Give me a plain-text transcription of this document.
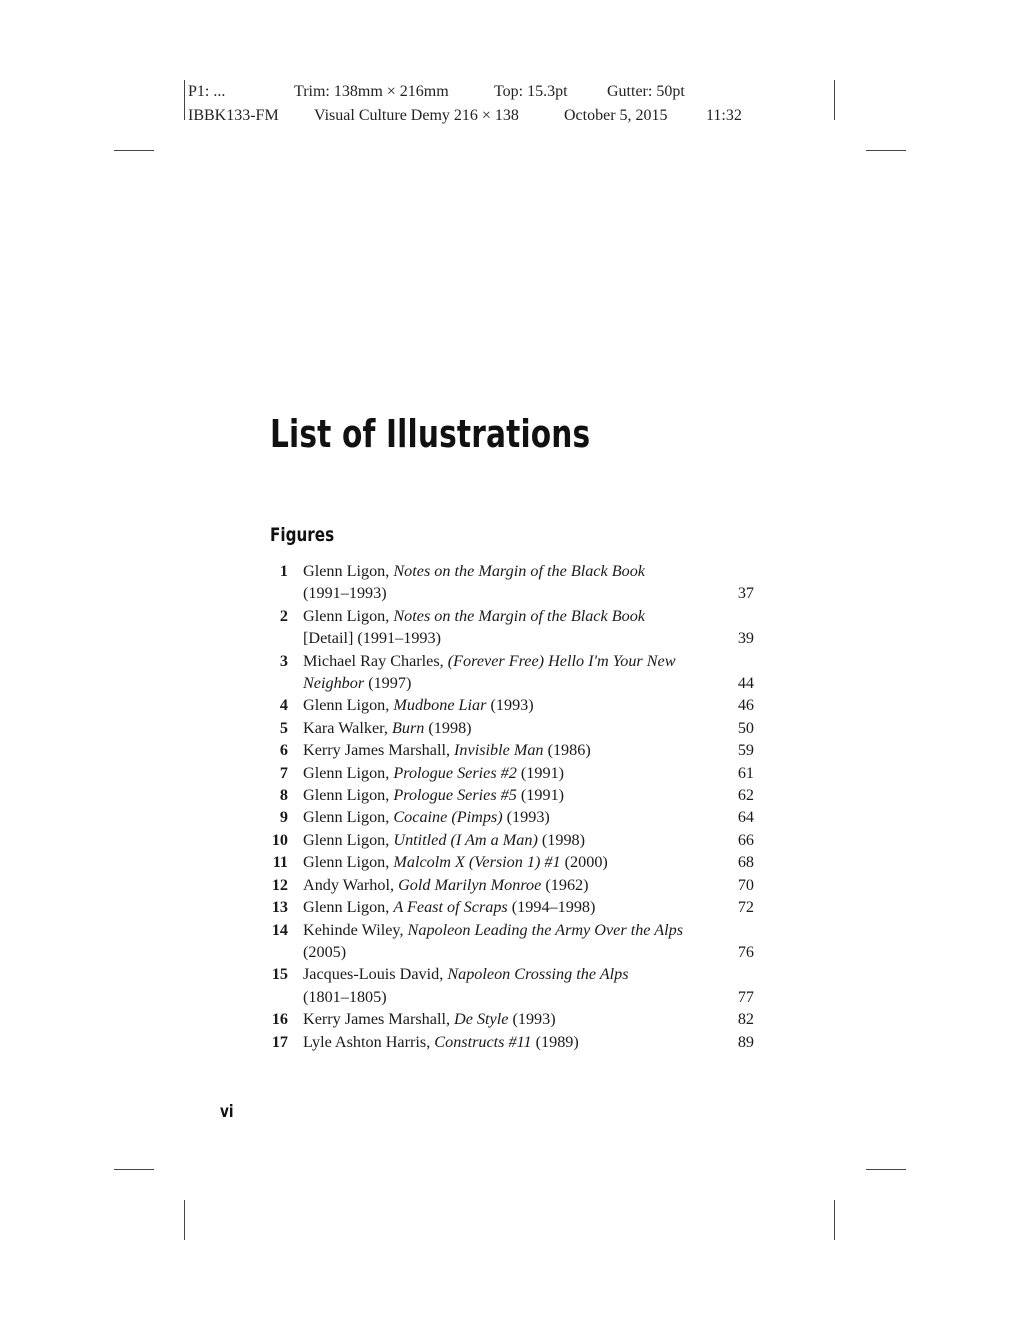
P1: ...	Trim: 138mm × 216mm	Top: 15.3pt Gutter: 50pt
IBBK133-FM Visual Culture Demy 216 × 138	October 5, 2015 11:32
List of Illustrations
Figures
1 Glenn Ligon, Notes on the Margin of the Black Book
(1991–1993)	37
2 Glenn Ligon, Notes on the Margin of the Black Book
[Detail] (1991–1993)	39
3 Michael Ray Charles, (Forever Free) Hello I'm Your New
Neighbor (1997)	44
4 Glenn Ligon, Mudbone Liar (1993)	46
5 Kara Walker, Burn (1998)	50
6 Kerry James Marshall, Invisible Man (1986)	59
7 Glenn Ligon, Prologue Series #2 (1991)	61
8 Glenn Ligon, Prologue Series #5 (1991)	62
9 Glenn Ligon, Cocaine (Pimps) (1993)	64
10 Glenn Ligon, Untitled (I Am a Man) (1998)	66
11 Glenn Ligon, Malcolm X (Version 1) #1 (2000)	68
12 Andy Warhol, Gold Marilyn Monroe (1962)	70
13 Glenn Ligon, A Feast of Scraps (1994–1998)	72
14 Kehinde Wiley, Napoleon Leading the Army Over the Alps
(2005)	76
15 Jacques-Louis David, Napoleon Crossing the Alps
(1801–1805)	77
16 Kerry James Marshall, De Style (1993)	82
17 Lyle Ashton Harris, Constructs #11 (1989)	89
vi
